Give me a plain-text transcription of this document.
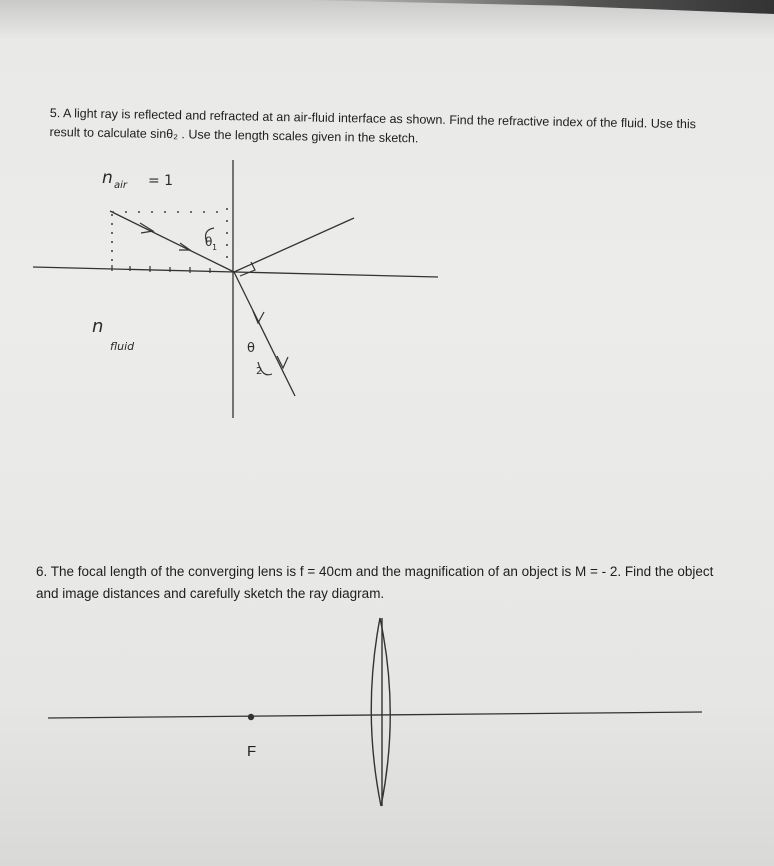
5. A light ray is reflected and refracted at an air-fluid interface as shown. Find the refractive index of the fluid. Use this result to calculate sinθ₂ . Use the length scales given in the sketch.
n air = 1
n
fluid
θ 1
θ
2
6. The focal length of the converging lens is f = 40cm and the magnification of an object is M = - 2. Find the object and image distances and carefully sketch the ray diagram.
F
